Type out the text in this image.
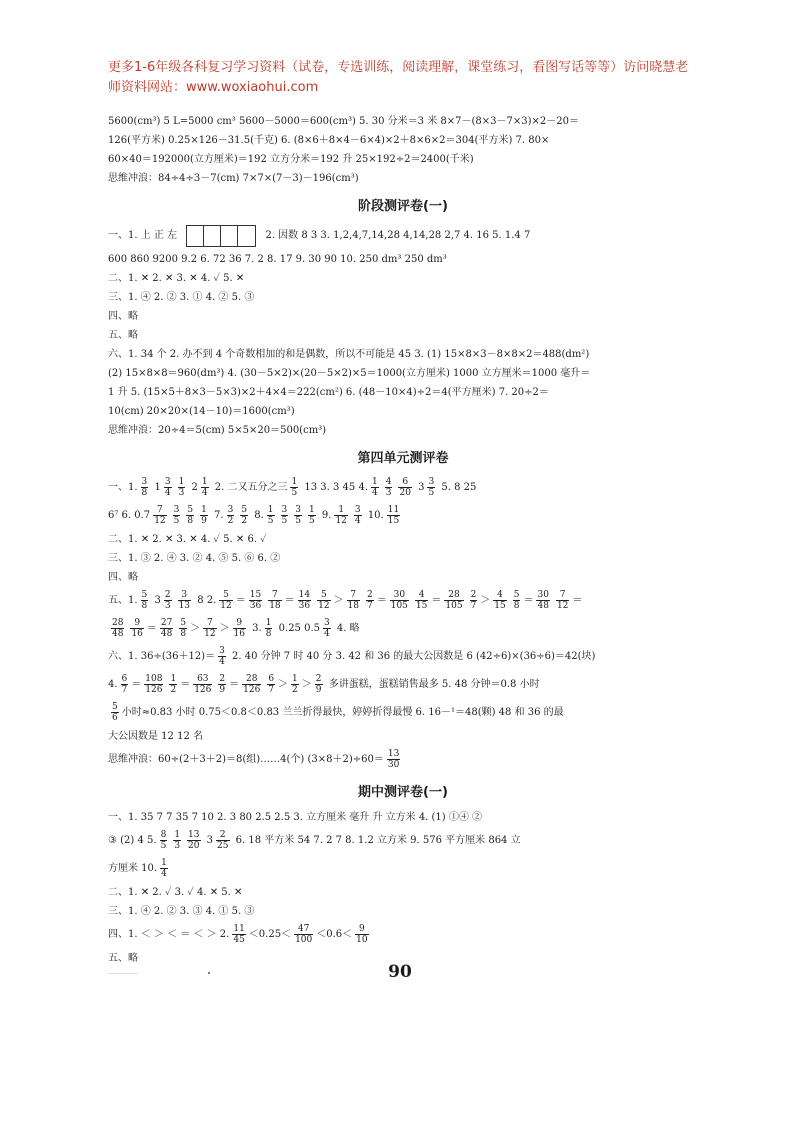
更多1-6年级各科复习学习资料（试卷，专选训练，阅读理解，课堂练习，看图写话等等）访问晓慧老师资料网站：www.woxiaohui.com
5600(cm³) 5 L=5000 cm³ 5600－5000＝600(cm³) 5. 30 分米＝3 米 8×7－(8×3－7×3)×2－20＝
126(平方米) 0.25×126－31.5(千克) 6. (8×6＋8×4－6×4)×2＋8×6×2＝304(平方米) 7. 80×
60×40＝192000(立方厘米)＝192 立方分米＝192 升 25×192÷2＝2400(千米)
思维冲浪：84÷4÷3－7(cm) 7×7×(7－3)－196(cm³)
阶段测评卷(一)
一、1. 上 正 左	2. 因数 8 3 3. 1,2,4,7,14,28 4,14,28 2,7 4. 16 5. 1.4 7
600 860 9200 9.2 6. 72 36 7. 2 8. 17 9. 30 90 10. 250 dm³ 250 dm³
二、1. ✕ 2. ✕ 3. ✕ 4. ✓ 5. ✕
三、1. ④ 2. ② 3. ① 4. ② 5. ③
四、略
五、略
六、1. 34 个 2. 办不到 4 个奇数相加的和是偶数，所以不可能是 45 3. (1) 15×8×3－8×8×2＝488(dm²)
(2) 15×8×8＝960(dm³) 4. (30－5×2)×(20－5×2)×5＝1000(立方厘米) 1000 立方厘米＝1000 毫升＝
1 升 5. (15×5＋8×3－5×3)×2＋4×4＝222(cm²) 6. (48－10×4)÷2＝4(平方厘米) 7. 20÷2＝
10(cm) 20×20×(14－10)＝1600(cm³)
思维冲浪：20÷4＝5(cm) 5×5×20＝500(cm³)
第四单元测评卷
一、1. $\frac{3}{8} 1 \frac{3}{4} \frac{1}{3} 2 \frac{1}{4} 2$. 二又五分之三 $\frac{1}{5} 13$ 3. 3 45 4. $\frac{1}{4} \frac{4}{3} \frac{6}{20} 3 \frac{3}{5} 5$. 8 25
6⁷ 6. $0.7 \frac{7}{12} \frac{3}{5} \frac{5}{8} \frac{1}{9} 7$. $\frac{3}{2} \frac{5}{2} 8$. $\frac{1}{5} \frac{3}{5} \frac{3}{5} \frac{1}{5} 9$. $\frac{1}{12} \frac{3}{4} 10$. $\frac{11}{15}$
二、1. ✕ 2. ✕ 3. ✕ 4. ✓ 5. ✕ 6. ✓
三、1. ③ 2. ④ 3. ② 4. ⑤ 5. ⑥ 6. ②
四、略
五、1. $\frac{5}{8} 3 \frac{2}{3} \frac{3}{13} 8$ 2. $\frac{5}{12} = \frac{15}{36} \frac{7}{18} = \frac{14}{36} \frac{5}{12} > \frac{7}{18} \frac{2}{7} = \frac{30}{105} \frac{4}{15} = \frac{28}{105} \frac{2}{7} > \frac{4}{15} \frac{5}{8} = \frac{30}{48} \frac{7}{12}$ ＝
$\frac{28}{48} \frac{9}{16} = \frac{27}{48} \frac{5}{8} > \frac{7}{12} > \frac{9}{16} 3$. $\frac{1}{8} 0.25$ $0.5 \frac{3}{4} 4$. 略
六、1. $36\div(36+12)= \frac{3}{4} 2$. 40 分钟 7 时 40 分 3. 42 和 36 的最大公因数是 6 (42÷6)×(36÷6)＝42(块)
4. $\frac{6}{7} = \frac{108}{126} \frac{1}{2} = \frac{63}{126} \frac{2}{9} = \frac{28}{126} \frac{6}{7} > \frac{1}{2} > \frac{2}{9}$ 多讲蛋糕，蛋糕销售最多 5. 48 分钟＝0.8 小时
$\frac{5}{6}$ 小时≈0.83 小时 0.75＜0.8＜0.83 兰兰折得最快，婷婷折得最慢 6. 16－¹＝48(颗) 48 和 36 的最
大公因数是 12 12 名
思维冲浪：60÷(2＋3＋2)＝8(组)……4(个) $(3\times 8+2)\div 60= \frac{13}{30}$
期中测评卷(一)
一、1. 35 7 7 35 7 10 2. 3 80 2.5 2.5 3. 立方厘米 毫升 升 立方米 4. (1) ①④ ②
③ (2) 4 5. $\frac{8}{5} \frac{1}{3} \frac{13}{20} 3 \frac{2}{25} 6$. 18 平方米 54 7. 2 7 8. 1.2 立方米 9. 576 平方厘米 864 立
方厘米 10. $\frac{1}{4}$
二、1. ✕ 2. ✓ 3. ✓ 4. ✕ 5. ✕
三、1. ④ 2. ② 3. ③ 4. ① 5. ③
四、1. ＜ ＞ ＜ ＝ ＜ ＞ 2. $\frac{11}{45} <0.25< \frac{47}{100} <0.6< \frac{9}{10}$
五、略
90
